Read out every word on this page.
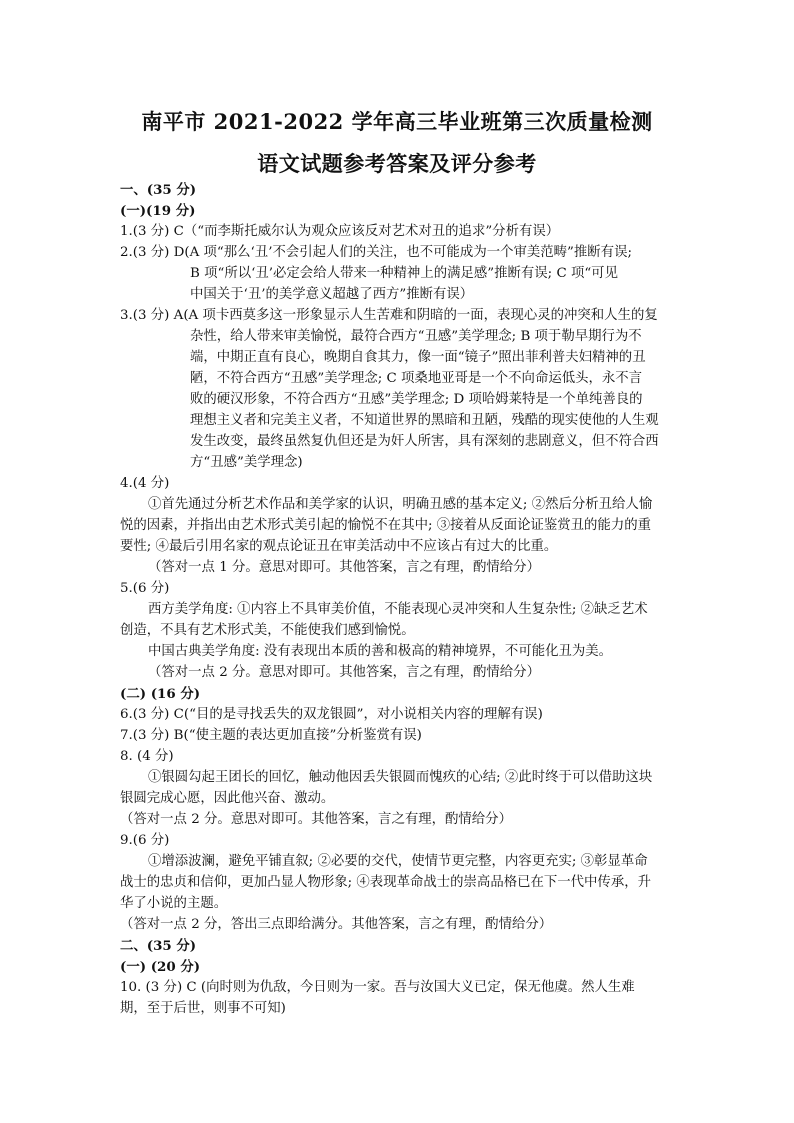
南平市 2021-2022 学年高三毕业班第三次质量检测
语文试题参考答案及评分参考
一、(35 分)
(一)(19 分)
1.(3 分) C（“而李斯托威尔认为观众应该反对艺术对丑的追求”分析有误）
2.(3 分) D(A 项“那么‘丑’不会引起人们的关注，也不可能成为一个审美范畴”推断有误;
B 项“所以‘丑’必定会给人带来一种精神上的满足感”推断有误; C 项“可见
中国关于‘丑’的美学意义超越了西方”推断有误）
3.(3 分) A(A 项卡西莫多这一形象显示人生苦难和阴暗的一面，表现心灵的冲突和人生的复
杂性，给人带来审美愉悦，最符合西方“丑感”美学理念; B 项于勒早期行为不
端，中期正直有良心，晚期自食其力，像一面“镜子”照出菲利普夫妇精神的丑
陋，不符合西方“丑感”美学理念; C 项桑地亚哥是一个不向命运低头，永不言
败的硬汉形象，不符合西方“丑感”美学理念; D 项哈姆莱特是一个单纯善良的
理想主义者和完美主义者，不知道世界的黑暗和丑陋，残酷的现实使他的人生观
发生改变，最终虽然复仇但还是为奸人所害，具有深刻的悲剧意义，但不符合西
方“丑感”美学理念)
4.(4 分)
①首先通过分析艺术作品和美学家的认识，明确丑感的基本定义; ②然后分析丑给人愉
悦的因素，并指出由艺术形式美引起的愉悦不在其中; ③接着从反面论证鉴赏丑的能力的重
要性; ④最后引用名家的观点论证丑在审美活动中不应该占有过大的比重。
（答对一点 1 分。意思对即可。其他答案，言之有理，酌情给分）
5.(6 分)
西方美学角度: ①内容上不具审美价值，不能表现心灵冲突和人生复杂性; ②缺乏艺术
创造，不具有艺术形式美，不能使我们感到愉悦。
中国古典美学角度: 没有表现出本质的善和极高的精神境界，不可能化丑为美。
（答对一点 2 分。意思对即可。其他答案，言之有理，酌情给分）
(二) (16 分)
6.(3 分) C(“目的是寻找丢失的双龙银圆”，对小说相关内容的理解有误)
7.(3 分) B(“使主题的表达更加直接”分析鉴赏有误)
8. (4 分)
①银圆勾起王团长的回忆，触动他因丢失银圆而愧疚的心结; ②此时终于可以借助这块
银圆完成心愿，因此他兴奋、激动。
（答对一点 2 分。意思对即可。其他答案，言之有理，酌情给分）
9.(6 分)
①增添波澜，避免平铺直叙; ②必要的交代，使情节更完整，内容更充实; ③彰显革命
战士的忠贞和信仰，更加凸显人物形象; ④表现革命战士的崇高品格已在下一代中传承，升
华了小说的主题。
（答对一点 2 分，答出三点即给满分。其他答案，言之有理，酌情给分）
二、(35 分)
(一) (20 分)
10. (3 分) C (向时则为仇敌，今日则为一家。吾与汝国大义已定，保无他虞。然人生难
期，至于后世，则事不可知)
